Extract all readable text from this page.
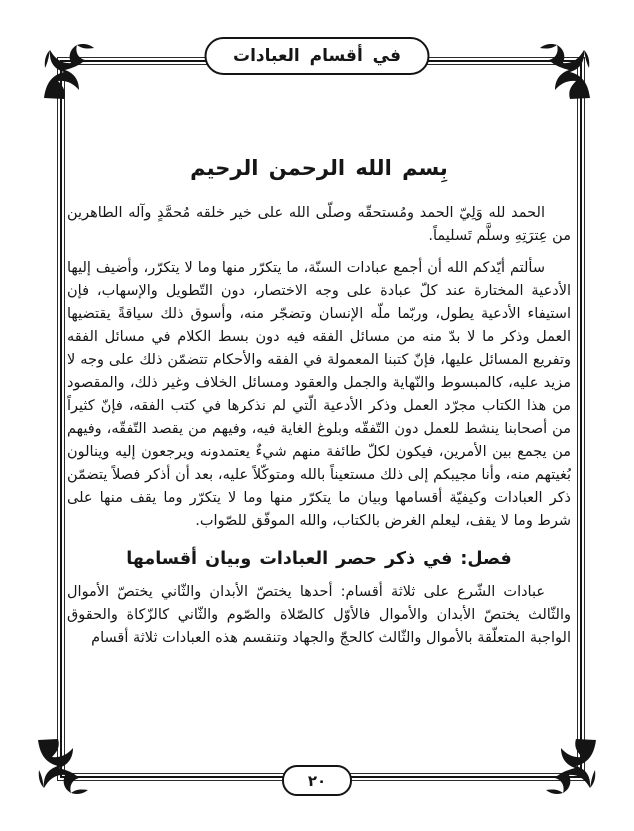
في أقسام العبادات
بِسم الله الرحمن الرحيم

الحمد لله وَلِيّ الحمد ومُستحقّه وصلّى الله على خير خلقه مُحمَّدٍ وآله الطاهرين من عِترَتِهِ وسلَّم تَسليماً.

سألتم أيّدكم الله أن أجمع عبادات السنّة، ما يتكرّر منها وما لا يتكرّر، وأضيف إليها الأدعية المختارة عند كلّ عبادة على وجه الاختصار، دون التّطويل والإسهاب، فإن استيفاء الأدعية يطول، وربّما ملّه الإنسان وتضجّر منه، وأسوق ذلك سياقةً يقتضيها العمل وذكر ما لا بدّ منه من مسائل الفقه فيه دون بسط الكلام في مسائل الفقه وتفريع المسائل عليها، فإنّ كتبنا المعمولة في الفقه والأحكام تتضمّن ذلك على وجه لا مزيد عليه، كالمبسوط والنّهاية والجمل والعقود ومسائل الخلاف وغير ذلك، والمقصود من هذا الكتاب مجرّد العمل وذكر الأدعية الّتي لم نذكرها في كتب الفقه، فإنّ كثيراً من أصحابنا ينشط للعمل دون التّفقّه وبلوغ الغاية فيه، وفيهم من يقصد التّفقّه، وفيهم من يجمع بين الأمرين، فيكون لكلّ طائفة منهم شيءٌ يعتمدونه ويرجعون إليه وينالون بُغيتهم منه، وأنا مجيبكم إلى ذلك مستعيناً بالله ومتوكّلاً عليه، بعد أن أذكر فصلاً يتضمّن ذكر العبادات وكيفيّة أقسامها وبيان ما يتكرّر منها وما لا يتكرّر وما يقف منها على شرط وما لا يقف، ليعلم الغرض بالكتاب، والله الموفّق للصّواب.

فصل: في ذكر حصر العبادات وبيان أقسامها

عبادات الشّرع على ثلاثة أقسام: أحدها يختصّ الأبدان والثّاني يختصّ الأموال والثّالث يختصّ الأبدان والأموال فالأوّل كالصّلاة والصّوم والثّاني كالزّكاة والحقوق الواجبة المتعلّقة بالأموال والثّالث كالحجّ والجهاد وتنقسم هذه العبادات ثلاثة أقسام

٢٠
